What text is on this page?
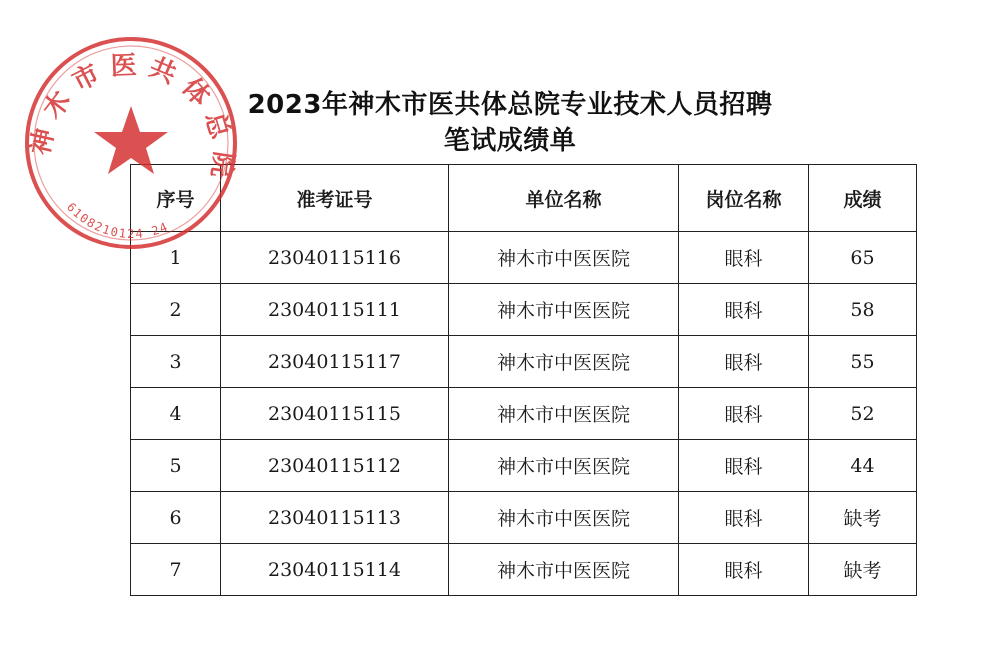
2023年神木市医共体总院专业技术人员招聘
笔试成绩单
序号	准考证号	单位名称	岗位名称	成绩
1	23040115116	神木市中医医院	眼科	65
2	23040115111	神木市中医医院	眼科	58
3	23040115117	神木市中医医院	眼科	55
4	23040115115	神木市中医医院	眼科	52
5	23040115112	神木市中医医院	眼科	44
6	23040115113	神木市中医医院	眼科	缺考
7	23040115114	神木市中医医院	眼科	缺考
神木市医共体总院
6108210124 24
